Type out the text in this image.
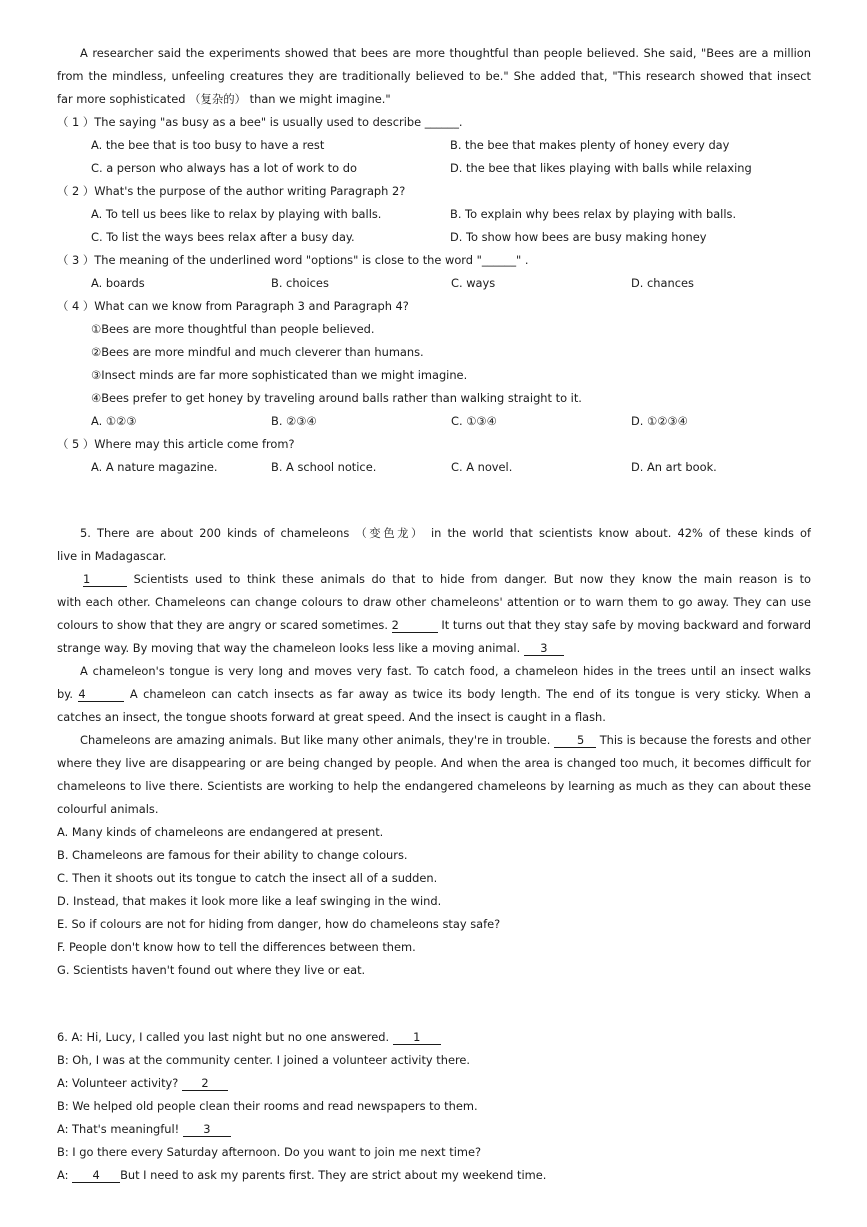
A researcher said the experiments showed that bees are more thoughtful than people believed. She said, "Bees are a million
from the mindless, unfeeling creatures they are traditionally believed to be." She added that, "This research showed that insect
far more sophisticated （复杂的） than we might imagine."
（ 1 ）The saying "as busy as a bee" is usually used to describe ______.
A. the bee that is too busy to have a rest	B. the bee that makes plenty of honey every day
C. a person who always has a lot of work to do	D. the bee that likes playing with balls while relaxing
（ 2 ）What's the purpose of the author writing Paragraph 2?
A. To tell us bees like to relax by playing with balls.	B. To explain why bees relax by playing with balls.
C. To list the ways bees relax after a busy day.	D. To show how bees are busy making honey
（ 3 ）The meaning of the underlined word "options" is close to the word "______" .
A. boards	B. choices	C. ways	D. chances
（ 4 ）What can we know from Paragraph 3 and Paragraph 4?
①Bees are more thoughtful than people believed.
②Bees are more mindful and much cleverer than humans.
③Insect minds are far more sophisticated than we might imagine.
④Bees prefer to get honey by traveling around balls rather than walking straight to it.
A. ①②③	B. ②③④	C. ①③④	D. ①②③④
（ 5 ）Where may this article come from?
A. A nature magazine.	B. A school notice.	C. A novel.	D. An art book.
5. There are about 200 kinds of chameleons （变色龙） in the world that scientists know about. 42% of these kinds of
live in Madagascar.
1	Scientists used to think these animals do that to hide from danger. But now they know the main reason is to
with each other. Chameleons can change colours to draw other chameleons' attention or to warn them to go away. They can use
colours to show that they are angry or scared sometimes. 2	It turns out that they stay safe by moving backward and forward
strange way. By moving that way the chameleon looks less like a moving animal. 3
A chameleon's tongue is very long and moves very fast. To catch food, a chameleon hides in the trees until an insect walks
by. 4	A chameleon can catch insects as far away as twice its body length. The end of its tongue is very sticky. When a
catches an insect, the tongue shoots forward at great speed. And the insect is caught in a flash.
Chameleons are amazing animals. But like many other animals, they're in trouble. 5 This is because the forests and other
where they live are disappearing or are being changed by people. And when the area is changed too much, it becomes difficult for
chameleons to live there. Scientists are working to help the endangered chameleons by learning as much as they can about these
colourful animals.
A. Many kinds of chameleons are endangered at present.
B. Chameleons are famous for their ability to change colours.
C. Then it shoots out its tongue to catch the insect all of a sudden.
D. Instead, that makes it look more like a leaf swinging in the wind.
E. So if colours are not for hiding from danger, how do chameleons stay safe?
F. People don't know how to tell the differences between them.
G. Scientists haven't found out where they live or eat.
6. A: Hi, Lucy, I called you last night but no one answered. 1
B: Oh, I was at the community center. I joined a volunteer activity there.
A: Volunteer activity? 2
B: We helped old people clean their rooms and read newspapers to them.
A: That's meaningful! 3
B: I go there every Saturday afternoon. Do you want to join me next time?
A: 4 But I need to ask my parents first. They are strict about my weekend time.
